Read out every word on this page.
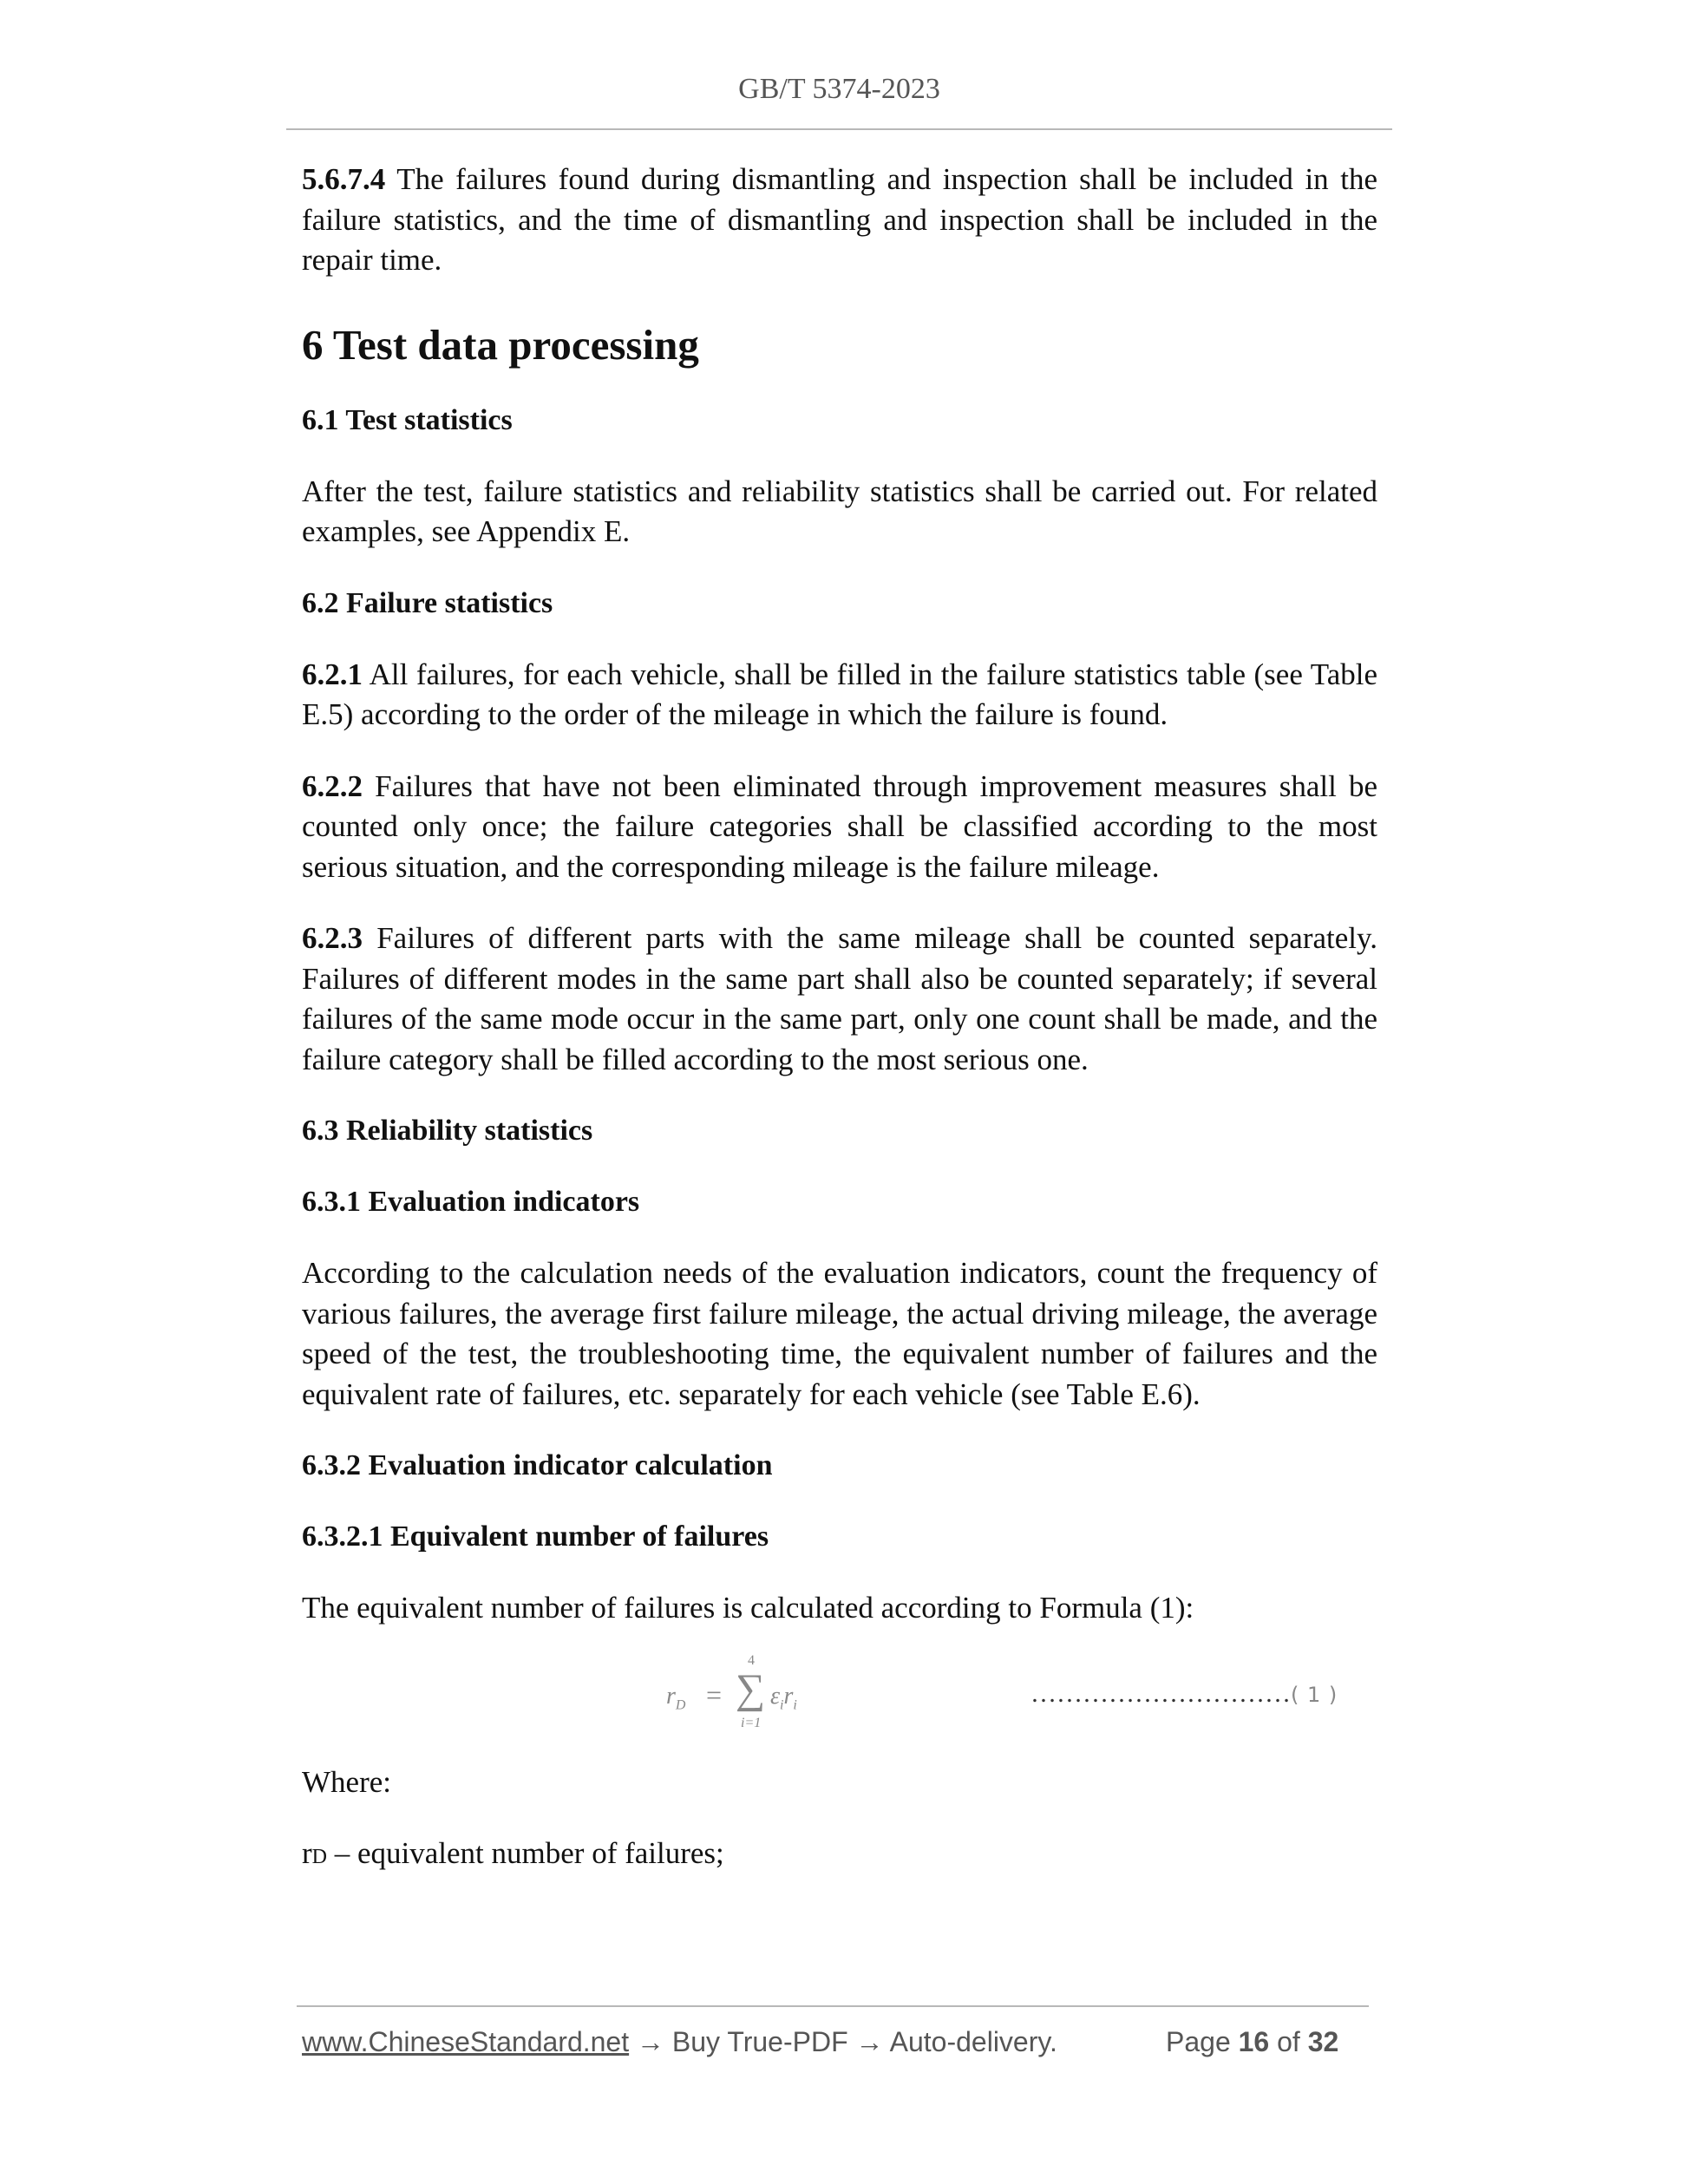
GB/T 5374-2023

5.6.7.4 The failures found during dismantling and inspection shall be included in the failure statistics, and the time of dismantling and inspection shall be included in the repair time.

6 Test data processing
6.1 Test statistics

After the test, failure statistics and reliability statistics shall be carried out. For related examples, see Appendix E.

6.2 Failure statistics

6.2.1 All failures, for each vehicle, shall be filled in the failure statistics table (see Table E.5) according to the order of the mileage in which the failure is found.

6.2.2 Failures that have not been eliminated through improvement measures shall be counted only once; the failure categories shall be classified according to the most serious situation, and the corresponding mileage is the failure mileage.

6.2.3 Failures of different parts with the same mileage shall be counted separately. Failures of different modes in the same part shall also be counted separately; if several failures of the same mode occur in the same part, only one count shall be made, and the failure category shall be filled according to the most serious one.

6.3 Reliability statistics
6.3.1 Evaluation indicators

According to the calculation needs of the evaluation indicators, count the frequency of various failures, the average first failure mileage, the actual driving mileage, the average speed of the test, the troubleshooting time, the equivalent number of failures and the equivalent rate of failures, etc. separately for each vehicle (see Table E.6).

6.3.2 Evaluation indicator calculation
6.3.2.1 Equivalent number of failures

The equivalent number of failures is calculated according to Formula (1):

$r_D$ =
4
∑
i=1
$\varepsilon_ir_i$	…………………………( 1 )

Where:

rD – equivalent number of failures;

www.ChineseStandard.net → Buy True-PDF → Auto-delivery.	Page 16 of 32
